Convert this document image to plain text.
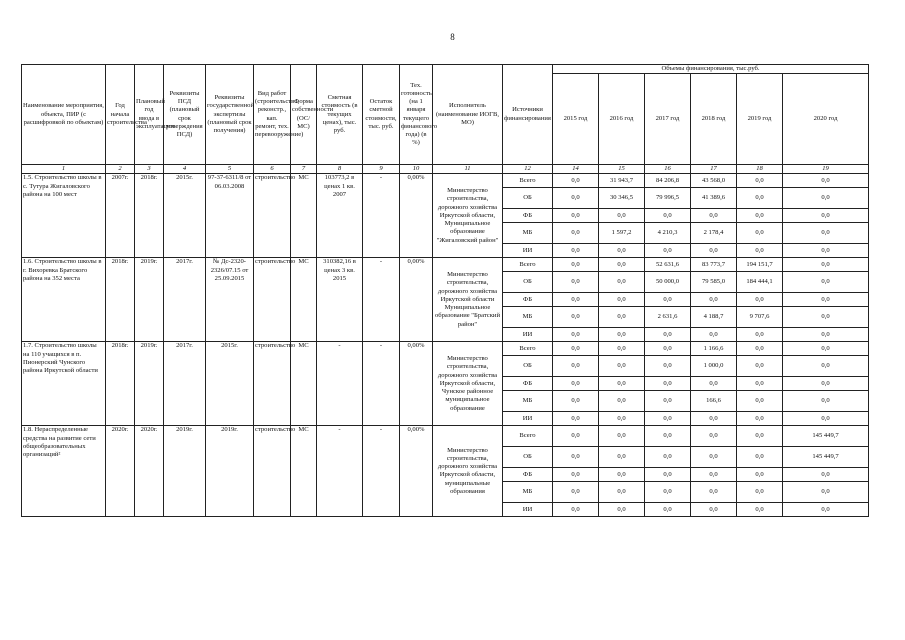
8
Наименование мероприятия, объекта, ПИР (с расшифровкой по объектам)	Год начала строительства	Плановый год ввода в эксплуатацию	Реквизиты ПСД (плановый срок утверждения ПСД)	Реквизиты государственной экспертизы (плановый срок получения)	Вид работ (строительство, реконстр., кап. ремонт, тех. перевооружение)	Форма собственности (ОС/МС)	Сметная стоимость (в текущих ценах), тыс. руб.	Остаток сметной стоимости, тыс. руб.	Тех. готовность (на 1 января текущего финансового года) (в %)	Исполнитель (наименование ИОГВ, МО)	Источники финансирования	Объемы финансирования, тыс.руб.					
												2015 год	2016 год	2017 год	2018 год	2019 год	2020 год
1	2	3	4	5	6	7	8	9	10	11	12	14	15	16	17	18	19
1.5. Строительство школы в с. Тутура Жигаловского района на 100 мест	2007г.	2018г.	2015г.	97-37-6311/8 от 06.03.2008	строительство	МС	103773,2 в ценах 1 кв. 2007	-	0,00%	Министерство строительства, дорожного хозяйства Иркутской области, Муниципальное образование "Жигаловский район"	Всего	0,0	31 943,7	84 206,8	43 568,0	0,0	0,0
											ОБ	0,0	30 346,5	79 996,5	41 389,6	0,0	0,0
											ФБ	0,0	0,0	0,0	0,0	0,0	0,0
											МБ	0,0	1 597,2	4 210,3	2 178,4	0,0	0,0
											ИИ	0,0	0,0	0,0	0,0	0,0	0,0
1.6. Строительство школы в г. Вихоревка Братского района на 352 места	2018г.	2019г.	2017г.	№ Дс-2320-2326/07.15 от 25.09.2015	строительство	МС	310382,16 в ценах 3 кв. 2015	-	0,00%	Министерство строительства, дорожного хозяйства Иркутской области Муниципальное образование "Братский район"	Всего	0,0	0,0	52 631,6	83 773,7	194 151,7	0,0
											ОБ	0,0	0,0	50 000,0	79 585,0	184 444,1	0,0
											ФБ	0,0	0,0	0,0	0,0	0,0	0,0
											МБ	0,0	0,0	2 631,6	4 188,7	9 707,6	0,0
											ИИ	0,0	0,0	0,0	0,0	0,0	0,0
1.7. Строительство школы на 110 учащихся в п. Пионерский Чунского района Иркутской области	2018г.	2019г.	2017г.	2015г.	строительство	МС	-	-	0,00%	Министерство строительства, дорожного хозяйства Иркутской области, Чунское районное муниципальное образование	Всего	0,0	0,0	0,0	1 166,6	0,0	0,0
											ОБ	0,0	0,0	0,0	1 000,0	0,0	0,0
											ФБ	0,0	0,0	0,0	0,0	0,0	0,0
											МБ	0,0	0,0	0,0	166,6	0,0	0,0
											ИИ	0,0	0,0	0,0	0,0	0,0	0,0
1.8. Нераспределенные средства на развитие сети общеобразовательных организаций²	2020г.	2020г.	2019г.	2019г.	строительство	МС	-	-	0,00%	Министерство строительства, дорожного хозяйства Иркутской области, муниципальные образования	Всего	0,0	0,0	0,0	0,0	0,0	145 449,7
											ОБ	0,0	0,0	0,0	0,0	0,0	145 449,7
											ФБ	0,0	0,0	0,0	0,0	0,0	0,0
											МБ	0,0	0,0	0,0	0,0	0,0	0,0
											ИИ	0,0	0,0	0,0	0,0	0,0	0,0
